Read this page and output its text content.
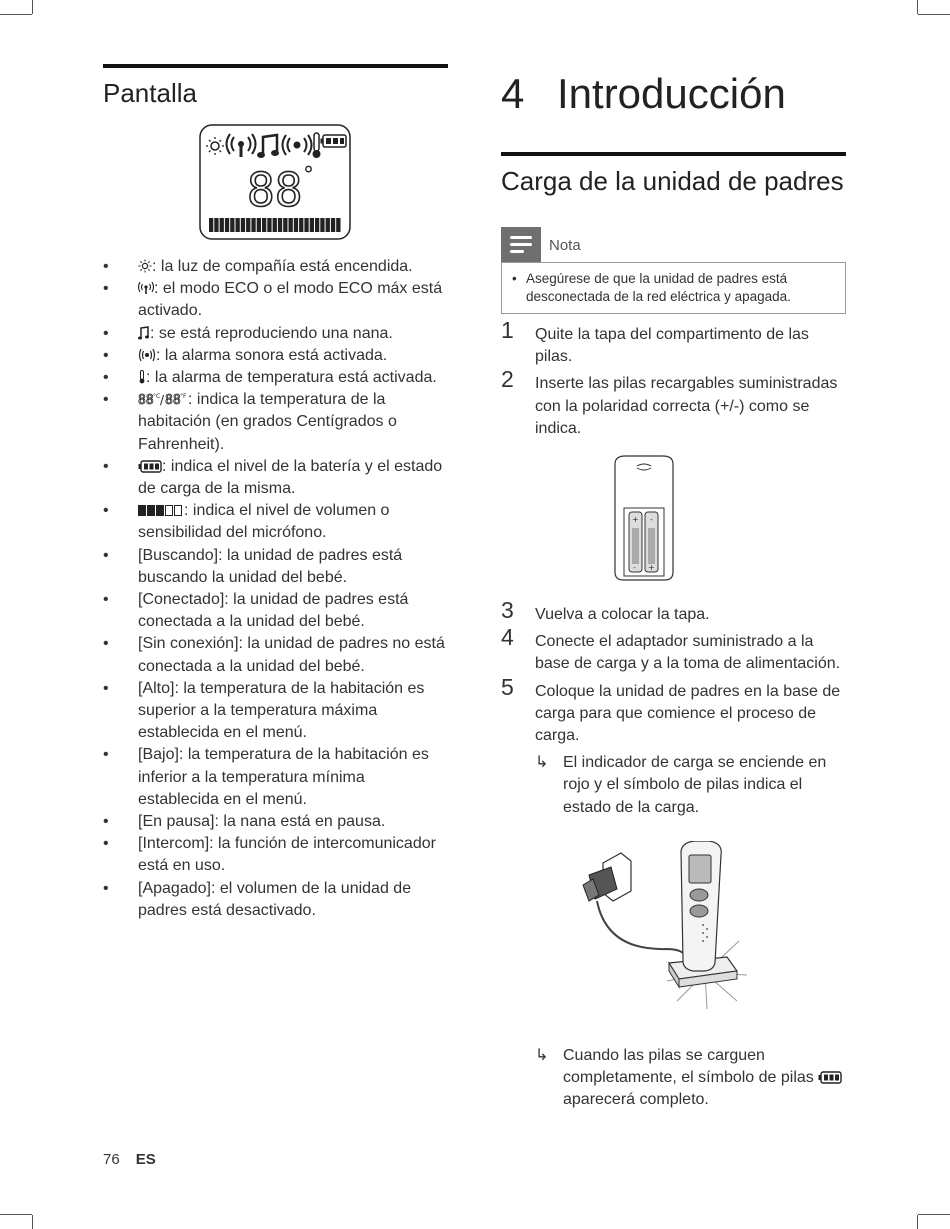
Pantalla
88 °
•	: la luz de compañía está encendida.
•	: el modo ECO o el modo ECO máx está activado.
•	: se está reproduciendo una nana.
•	: la alarma sonora está activada.
• : la alarma de temperatura está activada.
• 88 °C / 88 °F : indica la temperatura de la habitación (en grados Centígrados o Fahrenheit).
•	: indica el nivel de la batería y el estado de carga de la misma.
•	: indica el nivel de volumen o sensibilidad del micrófono.
• [Buscando]: la unidad de padres está buscando la unidad del bebé.
• [Conectado]: la unidad de padres está conectada a la unidad del bebé.
• [Sin conexión]: la unidad de padres no está conectada a la unidad del bebé.
• [Alto]: la temperatura de la habitación es superior a la temperatura máxima establecida en el menú.
• [Bajo]: la temperatura de la habitación es inferior a la temperatura mínima establecida en el menú.
• [En pausa]: la nana está en pausa.
• [Intercom]: la función de intercomunicador está en uso.
• [Apagado]: el volumen de la unidad de padres está desactivado.
4 Introducción
Carga de la unidad de padres
Nota
• Asegúrese de que la unidad de padres está desconectada de la red eléctrica y apagada.
1 Quite la tapa del compartimento de las pilas.
2 Inserte las pilas recargables suministradas con la polaridad correcta (+/-) como se indica.
+ -
- +
3 Vuelva a colocar la tapa.
4 Conecte el adaptador suministrado a la base de carga y a la toma de alimentación.
5 Coloque la unidad de padres en la base de carga para que comience el proceso de carga.
↳ El indicador de carga se enciende en rojo y el símbolo de pilas indica el estado de la carga.
↳ Cuando las pilas se carguen completamente, el símbolo de pilas  aparecerá completo.
76 ES
